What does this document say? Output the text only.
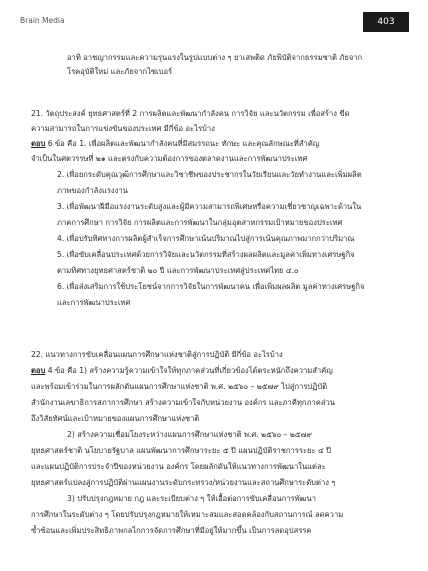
Brain Media	403
อาทิ อาชญากรรมและความรุนแรงในรูปแบบต่าง ๆ ยาเสพติด ภัยพิบัติจากธรรมชาติ ภัยจาก
โรคอุบัติใหม่ และภัยจากไซเบอร์
21. วัตถุประสงค์ ยุทธศาสตร์ที่ 2 การผลิตและพัฒนากำลังคน การวิจัย และนวัตกรรม เพื่อสร้าง ขีด
ความสามารถในการแข่งขันของประเทศ มีกี่ข้อ อะไรบ้าง
ตอบ 6 ข้อ คือ 1. เพื่อผลิตและพัฒนากำลังคนที่มีสมรรถนะ ทักษะ และคุณลักษณะที่สำคัญ
จำเป็นในศตวรรษที่ ๒๑ และตรงกับความต้องการของตลาดงานและการพัฒนาประเทศ
2. เพื่อยกระดับคุณวุฒิการศึกษาและวิชาชีพของประชากรในวัยเรียนและวัยทำงานและเพิ่มผลิต
ภาพของกำลังแรงงาน
3. เพื่อพัฒนาฝีมือแรงงานระดับสูงและผู้มีความสามารถพิเศษหรือความเชี่ยวชาญเฉพาะด้านใน
ภาคการศึกษา การวิจัย การผลิตและการพัฒนาในกลุ่มอุตสาหกรรมเป้าหมายของประเทศ
4. เพื่อปรับทิศทางการผลิตผู้สำเร็จการศึกษาเน้นปริมาณไปสู่การเน้นคุณภาพมากกว่าปริมาณ
5. เพื่อขับเคลื่อนประเทศด้วยการวิจัยและนวัตกรรมที่สร้างผลผลิตและมูลค่าเพิ่มทางเศรษฐกิจ
ตามทิศทางยุทธศาสตร์ชาติ ๒๐ ปี และการพัฒนาประเทศสู่ประเทศไทย ๔.๐
6. เพื่อส่งเสริมการใช้ประโยชน์จากการวิจัยในการพัฒนาคน เพื่อเพิ่มผลผลิต มูลค่าทางเศรษฐกิจ
และการพัฒนาประเทศ
22. แนวทางการขับเคลื่อนแผนการศึกษาแห่งชาติสู่การปฏิบัติ มีกี่ข้อ อะไรบ้าง
ตอบ 4 ข้อ คือ 1) สร้างความรู้ความเข้าใจให้ทุกภาคส่วนที่เกี่ยวข้องได้ตระหนักถึงความสำคัญ
และพร้อมเข้าร่วมในการผลักดันแผนการศึกษาแห่งชาติ พ.ศ. ๒๕๖๐ – ๒๕๗๙ ไปสู่การปฏิบัติ
สำนักงานเลขาธิการสภาการศึกษา สร้างความเข้าใจกับหน่วยงาน องค์กร และภาคีทุกภาคส่วน
ถึงวิสัยทัศน์และเป้าหมายของแผนการศึกษาแห่งชาติ
2) สร้างความเชื่อมโยงระหว่างแผนการศึกษาแห่งชาติ พ.ศ. ๒๕๖๐ – ๒๕๗๙
ยุทธศาสตร์ชาติ นโยบายรัฐบาล แผนพัฒนาการศึกษาระยะ ๕ ปี แผนปฏิบัติราชการระยะ ๔ ปี
และแผนปฏิบัติการประจำปีของหน่วยงาน องค์กร โดยผลักดันให้แนวทางการพัฒนาในแต่ละ
ยุทธศาสตร์แปลงสู่การปฏิบัติผ่านแผนงานระดับกระทรวง/หน่วยงานและสถานศึกษาระดับต่าง ๆ
3) ปรับปรุงกฎหมาย กฎ และระเบียบต่าง ๆ ให้เอื้อต่อการขับเคลื่อนการพัฒนา
การศึกษาในระดับต่าง ๆ โดยปรับปรุงกฎหมายให้เหมาะสมและสอดคล้องกับสถานการณ์ ลดความ
ซ้ำซ้อนและเพิ่มประสิทธิภาพกลไกการจัดการศึกษาที่มีอยู่ให้มากขึ้น เป็นการลดอุปสรรค
